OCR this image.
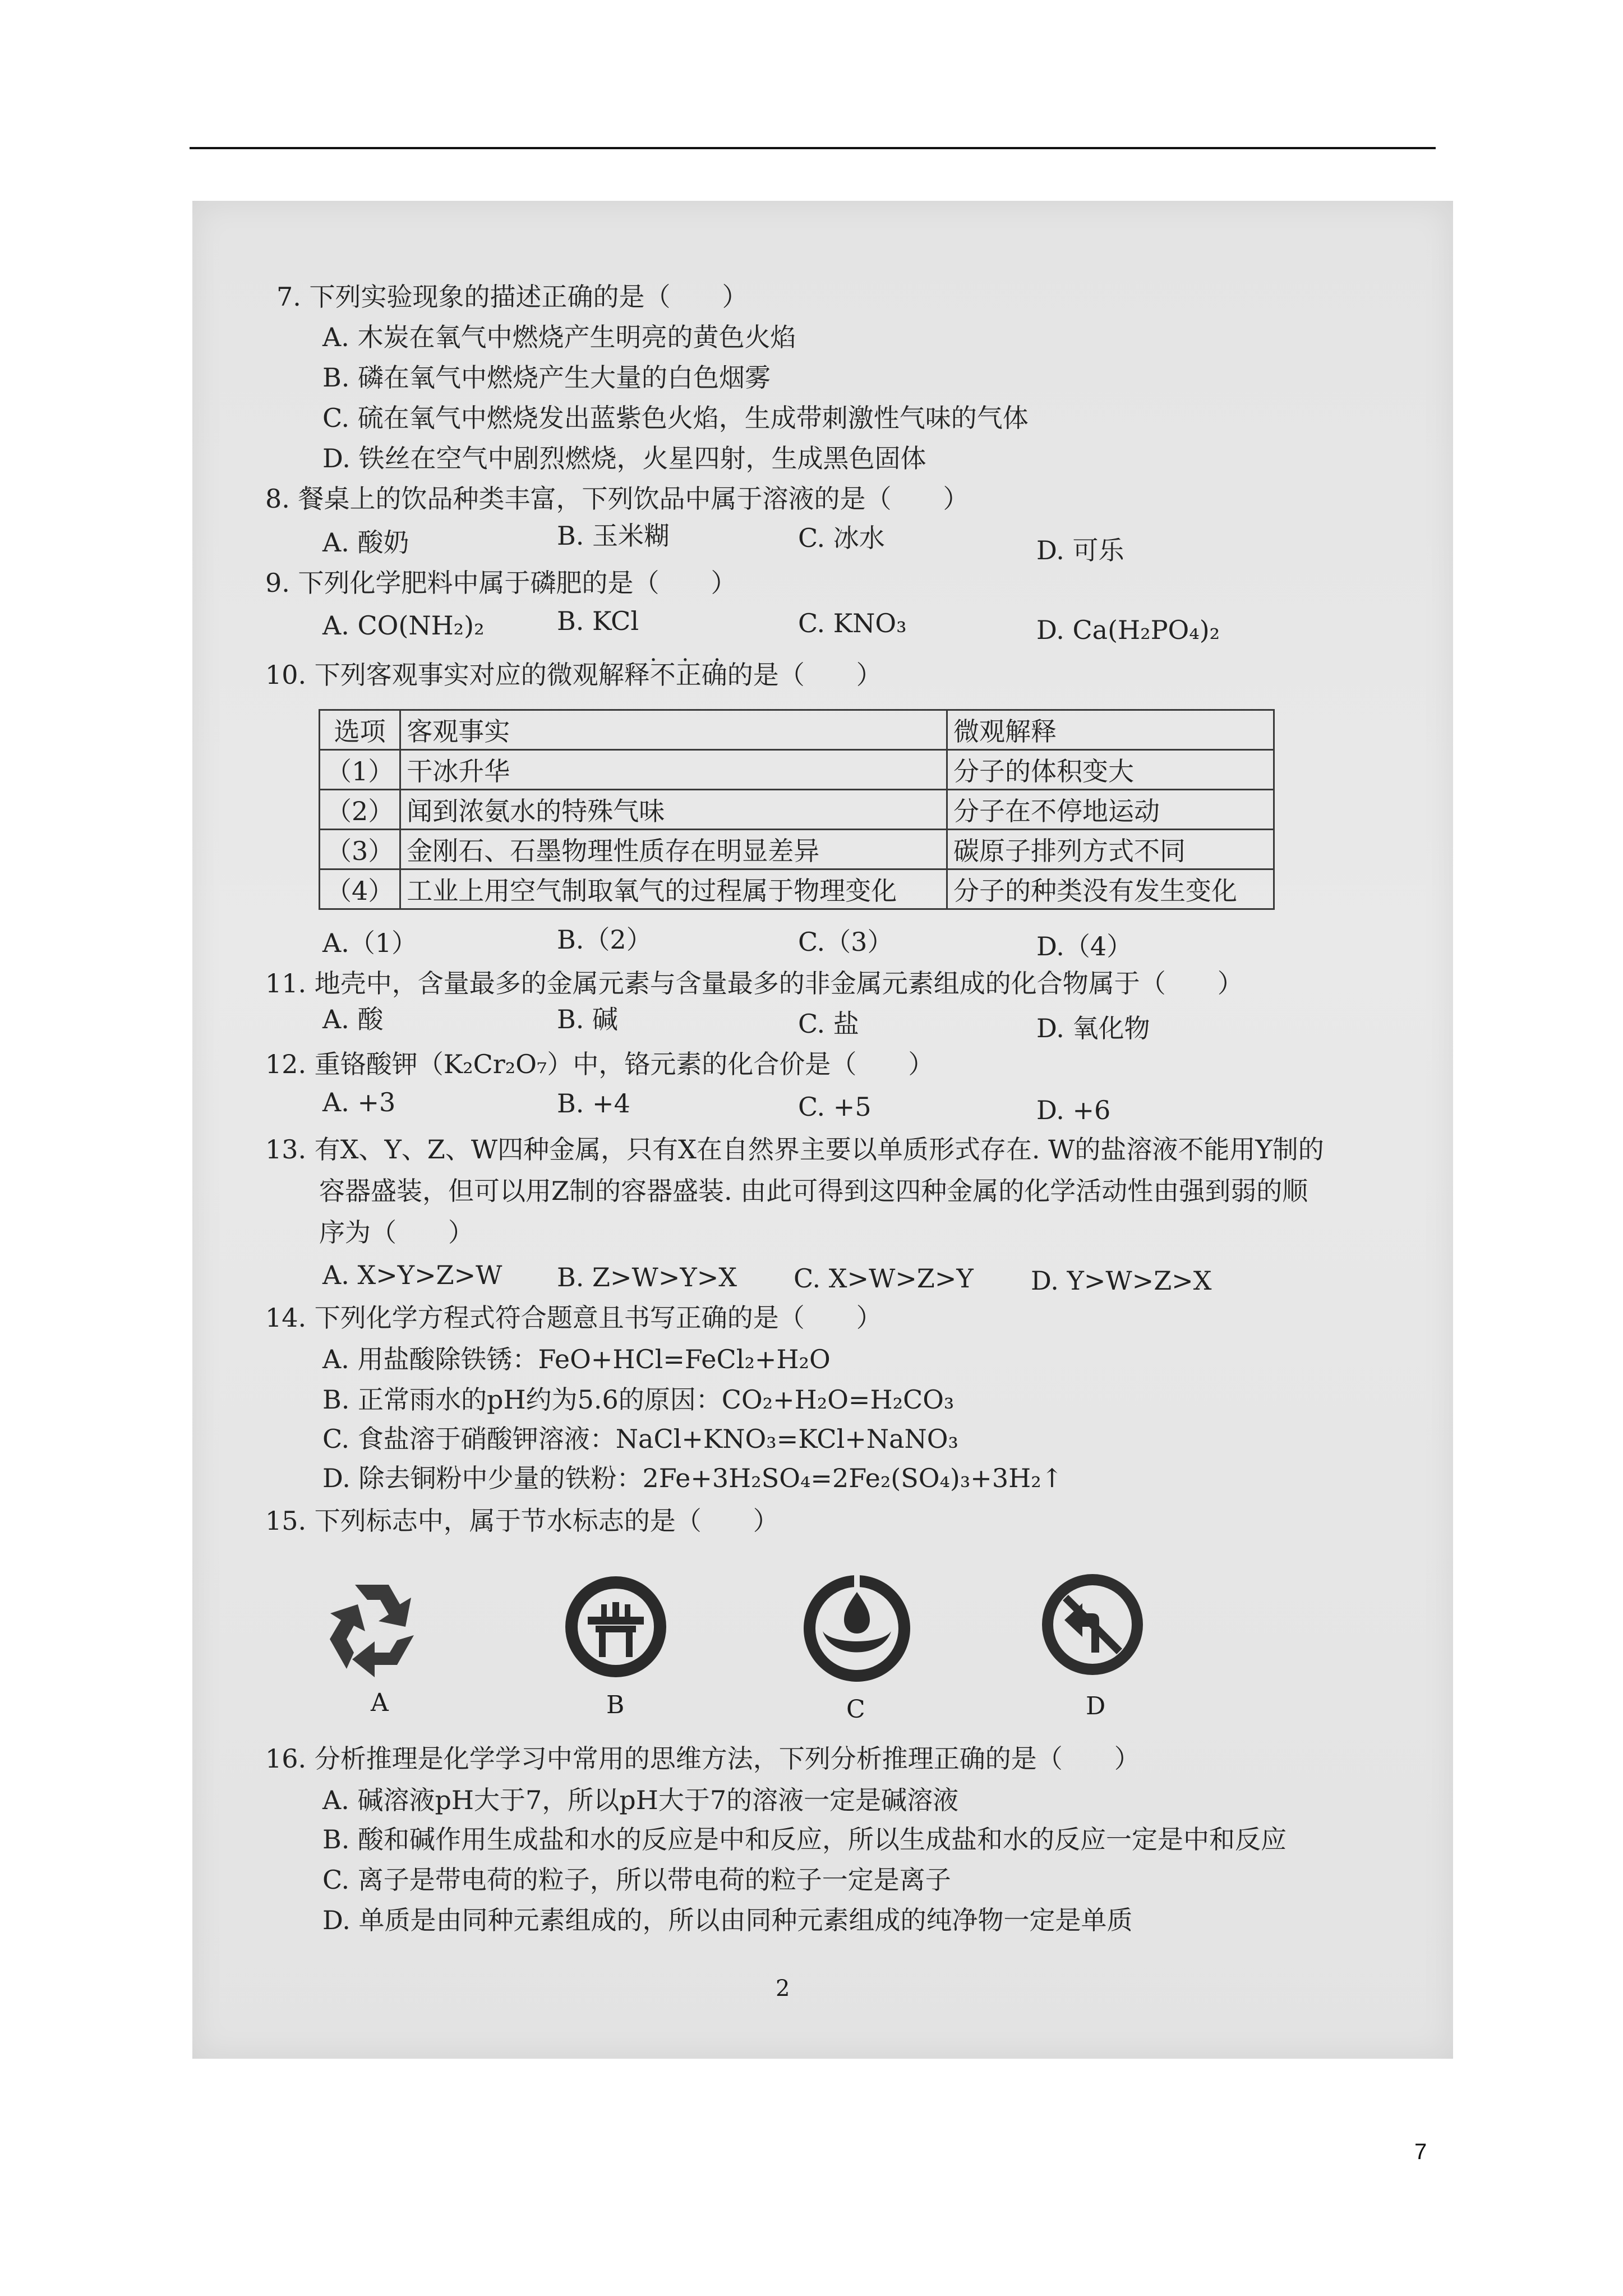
7. 下列实验现象的描述正确的是（　　）
A. 木炭在氧气中燃烧产生明亮的黄色火焰
B. 磷在氧气中燃烧产生大量的白色烟雾
C. 硫在氧气中燃烧发出蓝紫色火焰，生成带刺激性气味的气体
D. 铁丝在空气中剧烈燃烧，火星四射，生成黑色固体
8. 餐桌上的饮品种类丰富，下列饮品中属于溶液的是（　　）
A. 酸奶	B. 玉米糊	C. 冰水	D. 可乐
9. 下列化学肥料中属于磷肥的是（　　）
A. CO(NH₂)₂	B. KCl	C. KNO₃	D. Ca(H₂PO₄)₂
10. 下列客观事实对应的微观解释不正确 · · ·的是（　　）
选项	客观事实	微观解释
（1）	干冰升华	分子的体积变大
（2）	闻到浓氨水的特殊气味	分子在不停地运动
（3）	金刚石、石墨物理性质存在明显差异	碳原子排列方式不同
（4）	工业上用空气制取氧气的过程属于物理变化	分子的种类没有发生变化
A.（1）	B.（2）	C.（3）	D.（4）
11. 地壳中，含量最多的金属元素与含量最多的非金属元素组成的化合物属于（　　）
A. 酸	B. 碱	C. 盐	D. 氧化物
12. 重铬酸钾（K₂Cr₂O₇）中，铬元素的化合价是（　　）
A. +3	B. +4	C. +5	D. +6
13. 有X、Y、Z、W四种金属，只有X在自然界主要以单质形式存在. W的盐溶液不能用Y制的
容器盛装，但可以用Z制的容器盛装. 由此可得到这四种金属的化学活动性由强到弱的顺
序为（　　）
A. X>Y>Z>W B. Z>W>Y>X C. X>W>Z>Y D. Y>W>Z>X
14. 下列化学方程式符合题意且书写正确的是（　　）
A. 用盐酸除铁锈：FeO+HCl=FeCl₂+H₂O
B. 正常雨水的pH约为5.6的原因：CO₂+H₂O=H₂CO₃
C. 食盐溶于硝酸钾溶液：NaCl+KNO₃=KCl+NaNO₃
D. 除去铜粉中少量的铁粉：2Fe+3H₂SO₄=2Fe₂(SO₄)₃+3H₂↑
15. 下列标志中，属于节水标志的是（　　）
A	B	C	D
16. 分析推理是化学学习中常用的思维方法，下列分析推理正确的是（　　）
A. 碱溶液pH大于7，所以pH大于7的溶液一定是碱溶液
B. 酸和碱作用生成盐和水的反应是中和反应，所以生成盐和水的反应一定是中和反应
C. 离子是带电荷的粒子，所以带电荷的粒子一定是离子
D. 单质是由同种元素组成的，所以由同种元素组成的纯净物一定是单质
2
7
